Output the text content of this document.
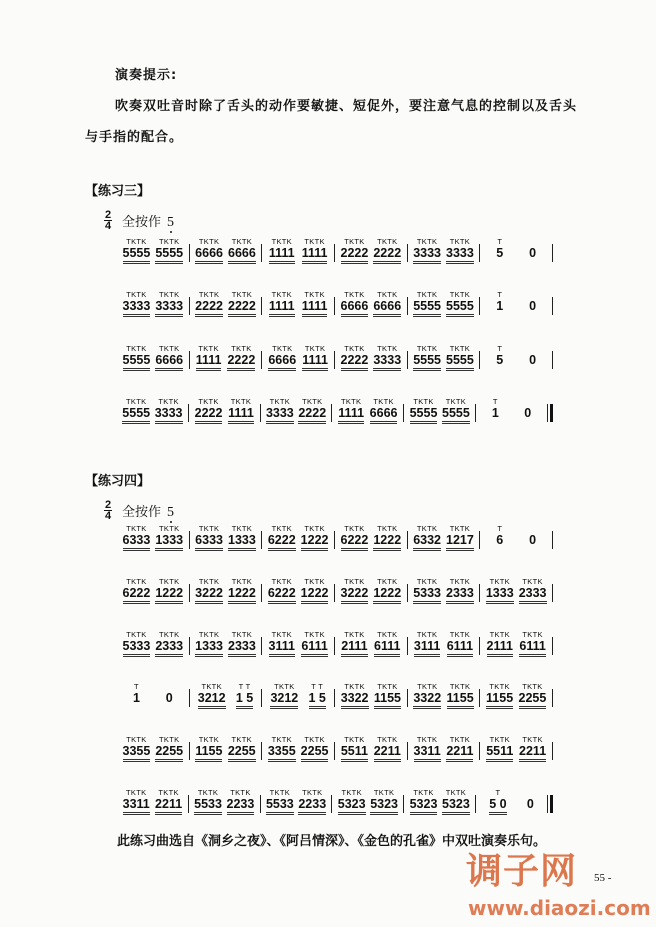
演奏提示:
吹奏双吐音时除了舌头的动作要敏捷、短促外，要注意气息的控制以及舌头
与手指的配合。
【练习三】
2
4 全按作 5
TKTK
5555
TKTK
5555
TKTK
6666
TKTK
6666
TKTK
1111
TKTK
1111
TKTK
2222
TKTK
2222
TKTK
3333
TKTK
3333
T
5 0
TKTK
3333
TKTK
3333
TKTK
2222
TKTK
2222
TKTK
1111
TKTK
1111
TKTK
6666
TKTK
6666
TKTK
5555
TKTK
5555
T
1 0
TKTK
5555
TKTK
6666
TKTK
1111
TKTK
2222
TKTK
6666
TKTK
1111
TKTK
2222
TKTK
3333
TKTK
5555
TKTK
5555
T
5 0
TKTK
5555
TKTK
3333
TKTK
2222
TKTK
1111
TKTK
3333
TKTK
2222
TKTK
1111
TKTK
6666
TKTK
5555
TKTK
5555
T
1 0
【练习四】
2
4 全按作 5
TKTK
6333
TKTK
1333
TKTK
6333
TKTK
1333
TKTK
6222
TKTK
1222
TKTK
6222
TKTK
1222
TKTK
6332
TKTK
1217
T
6 0
TKTK
6222
TKTK
1222
TKTK
3222
TKTK
1222
TKTK
6222
TKTK
1222
TKTK
3222
TKTK
1222
TKTK
5333
TKTK
2333
TKTK
1333
TKTK
2333
TKTK
5333
TKTK
2333
TKTK
1333
TKTK
2333
TKTK
3111
TKTK
6111
TKTK
2111
TKTK
6111
TKTK
3111
TKTK
6111
TKTK
2111
TKTK
6111
T
1 0
TKTK
3212
T T
1 5
TKTK
3212
T T
1 5
TKTK
3322
TKTK
1155
TKTK
3322
TKTK
1155
TKTK
1155
TKTK
2255
TKTK
3355
TKTK
2255
TKTK
1155
TKTK
2255
TKTK
3355
TKTK
2255
TKTK
5511
TKTK
2211
TKTK
3311
TKTK
2211
TKTK
5511
TKTK
2211
TKTK
3311
TKTK
2211
TKTK
5533
TKTK
2233
TKTK
5533
TKTK
2233
TKTK
5323
TKTK
5323
TKTK
5323
TKTK
5323
T
5 0 0
此练习曲选自《洞乡之夜》、《阿吕情深》、《金色的孔雀》中双吐演奏乐句。
调子网 55 -
www.diaozi.com
